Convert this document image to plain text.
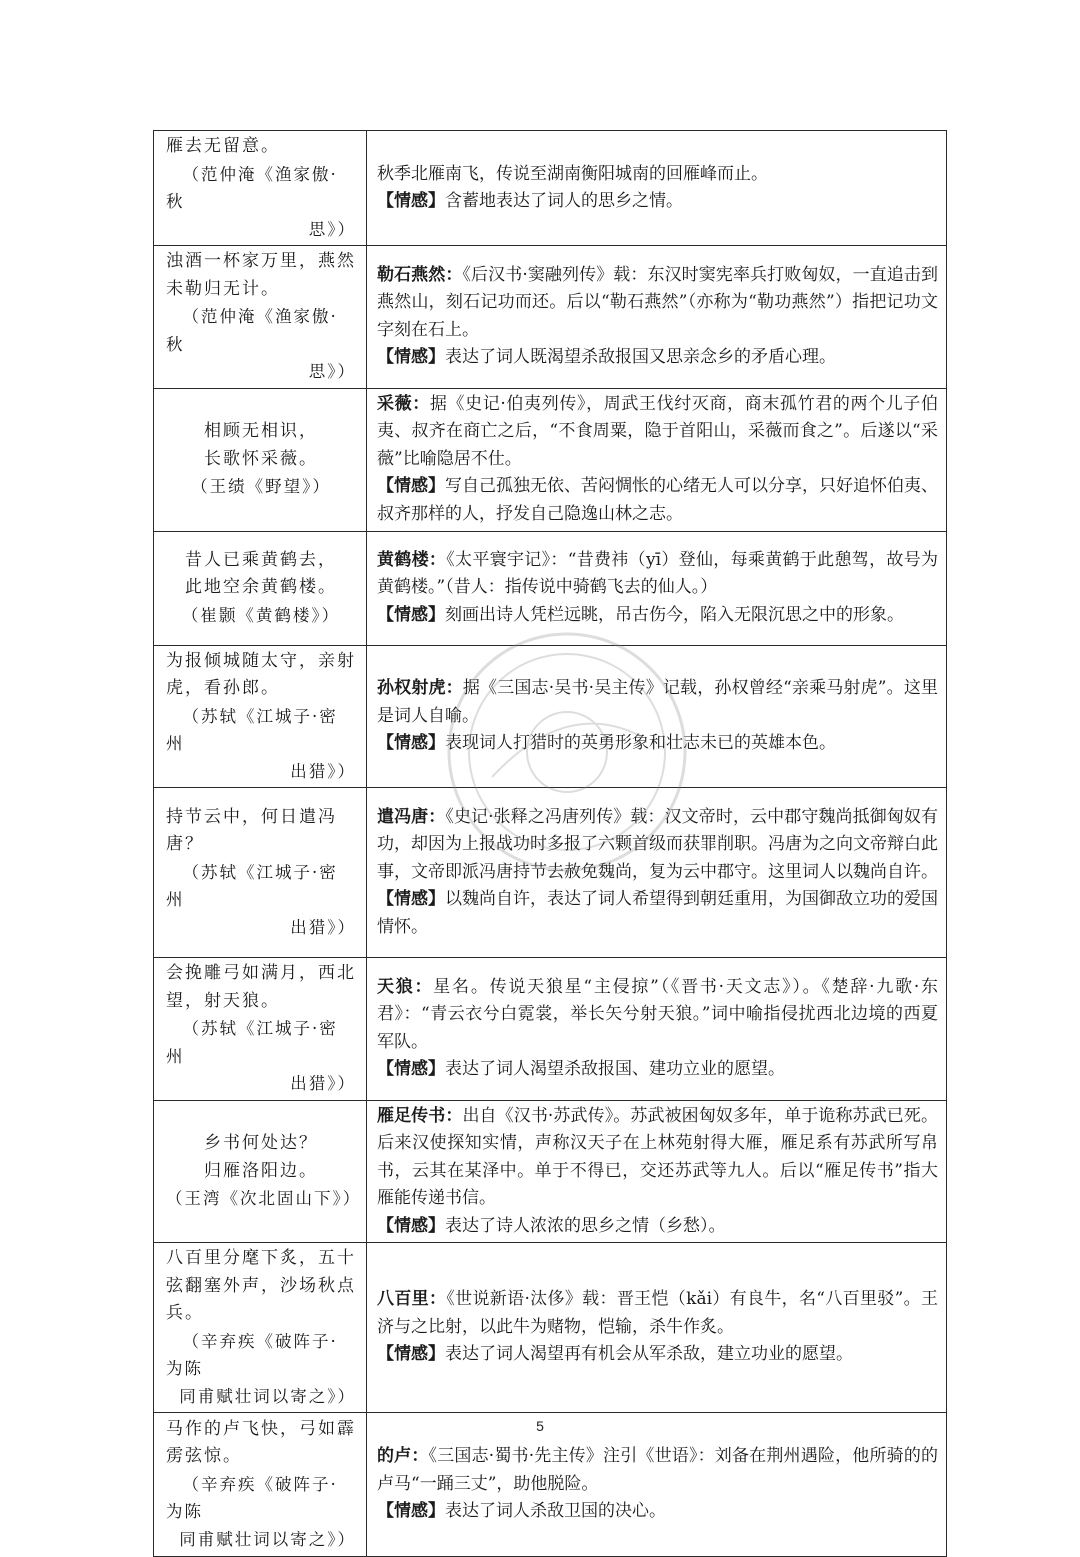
雁去无留意。
（范仲淹《渔家傲·秋
思》）	秋季北雁南飞，传说至湖南衡阳城南的回雁峰而止。
【情感】含蓄地表达了词人的思乡之情。

浊酒一杯家万里，燕然未勒归无计。
（范仲淹《渔家傲·秋
思》）	勒石燕然：《后汉书·窦融列传》载：东汉时窦宪率兵打败匈奴，一直追击到燕然山，刻石记功而还。后以“勒石燕然”（亦称为“勒功燕然”）指把记功文字刻在石上。
【情感】表达了词人既渴望杀敌报国又思亲念乡的矛盾心理。

相顾无相识，
长歌怀采薇。
（王绩《野望》）	采薇：据《史记·伯夷列传》，周武王伐纣灭商，商末孤竹君的两个儿子伯夷、叔齐在商亡之后，“不食周粟，隐于首阳山，采薇而食之”。后遂以“采薇”比喻隐居不仕。
【情感】写自己孤独无依、苦闷惆怅的心绪无人可以分享，只好追怀伯夷、叔齐那样的人，抒发自己隐逸山林之志。

昔人已乘黄鹤去，
此地空余黄鹤楼。
（崔颢《黄鹤楼》）	黄鹤楼：《太平寰宇记》：“昔费祎（yī）登仙，每乘黄鹤于此憩驾，故号为黄鹤楼。”（昔人：指传说中骑鹤飞去的仙人。）
【情感】刻画出诗人凭栏远眺，吊古伤今，陷入无限沉思之中的形象。

为报倾城随太守，亲射虎，看孙郎。
（苏轼《江城子·密州
出猎》）	孙权射虎：据《三国志·吴书·吴主传》记载，孙权曾经“亲乘马射虎”。这里是词人自喻。
【情感】表现词人打猎时的英勇形象和壮志未已的英雄本色。

持节云中，何日遣冯唐？
（苏轼《江城子·密州
出猎》）	遣冯唐：《史记·张释之冯唐列传》载：汉文帝时，云中郡守魏尚抵御匈奴有功，却因为上报战功时多报了六颗首级而获罪削职。冯唐为之向文帝辩白此事，文帝即派冯唐持节去赦免魏尚，复为云中郡守。这里词人以魏尚自许。
【情感】以魏尚自许，表达了词人希望得到朝廷重用，为国御敌立功的爱国情怀。

会挽雕弓如满月，西北望，射天狼。
（苏轼《江城子·密州
出猎》）	天狼：星名。传说天狼星“主侵掠”（《晋书·天文志》）。《楚辞·九歌·东君》：“青云衣兮白霓裳，举长矢兮射天狼。”词中喻指侵扰西北边境的西夏军队。
【情感】表达了词人渴望杀敌报国、建功立业的愿望。

乡书何处达？
归雁洛阳边。
（王湾《次北固山下》）	雁足传书：出自《汉书·苏武传》。苏武被困匈奴多年，单于诡称苏武已死。后来汉使探知实情，声称汉天子在上林苑射得大雁，雁足系有苏武所写帛书，云其在某泽中。单于不得已，交还苏武等九人。后以“雁足传书”指大雁能传递书信。
【情感】表达了诗人浓浓的思乡之情（乡愁）。

八百里分麾下炙，五十弦翻塞外声，沙场秋点兵。
（辛弃疾《破阵子·为陈
同甫赋壮词以寄之》）	八百里：《世说新语·汰侈》载：晋王恺（kǎi）有良牛，名“八百里驳”。王济与之比射，以此牛为赌物，恺输，杀牛作炙。
【情感】表达了词人渴望再有机会从军杀敌，建立功业的愿望。

马作的卢飞快，弓如霹雳弦惊。
（辛弃疾《破阵子·为陈
同甫赋壮词以寄之》）	的卢：《三国志·蜀书·先主传》注引《世语》：刘备在荆州遇险，他所骑的的卢马“一踊三丈”，助他脱险。
【情感】表达了词人杀敌卫国的决心。
5
